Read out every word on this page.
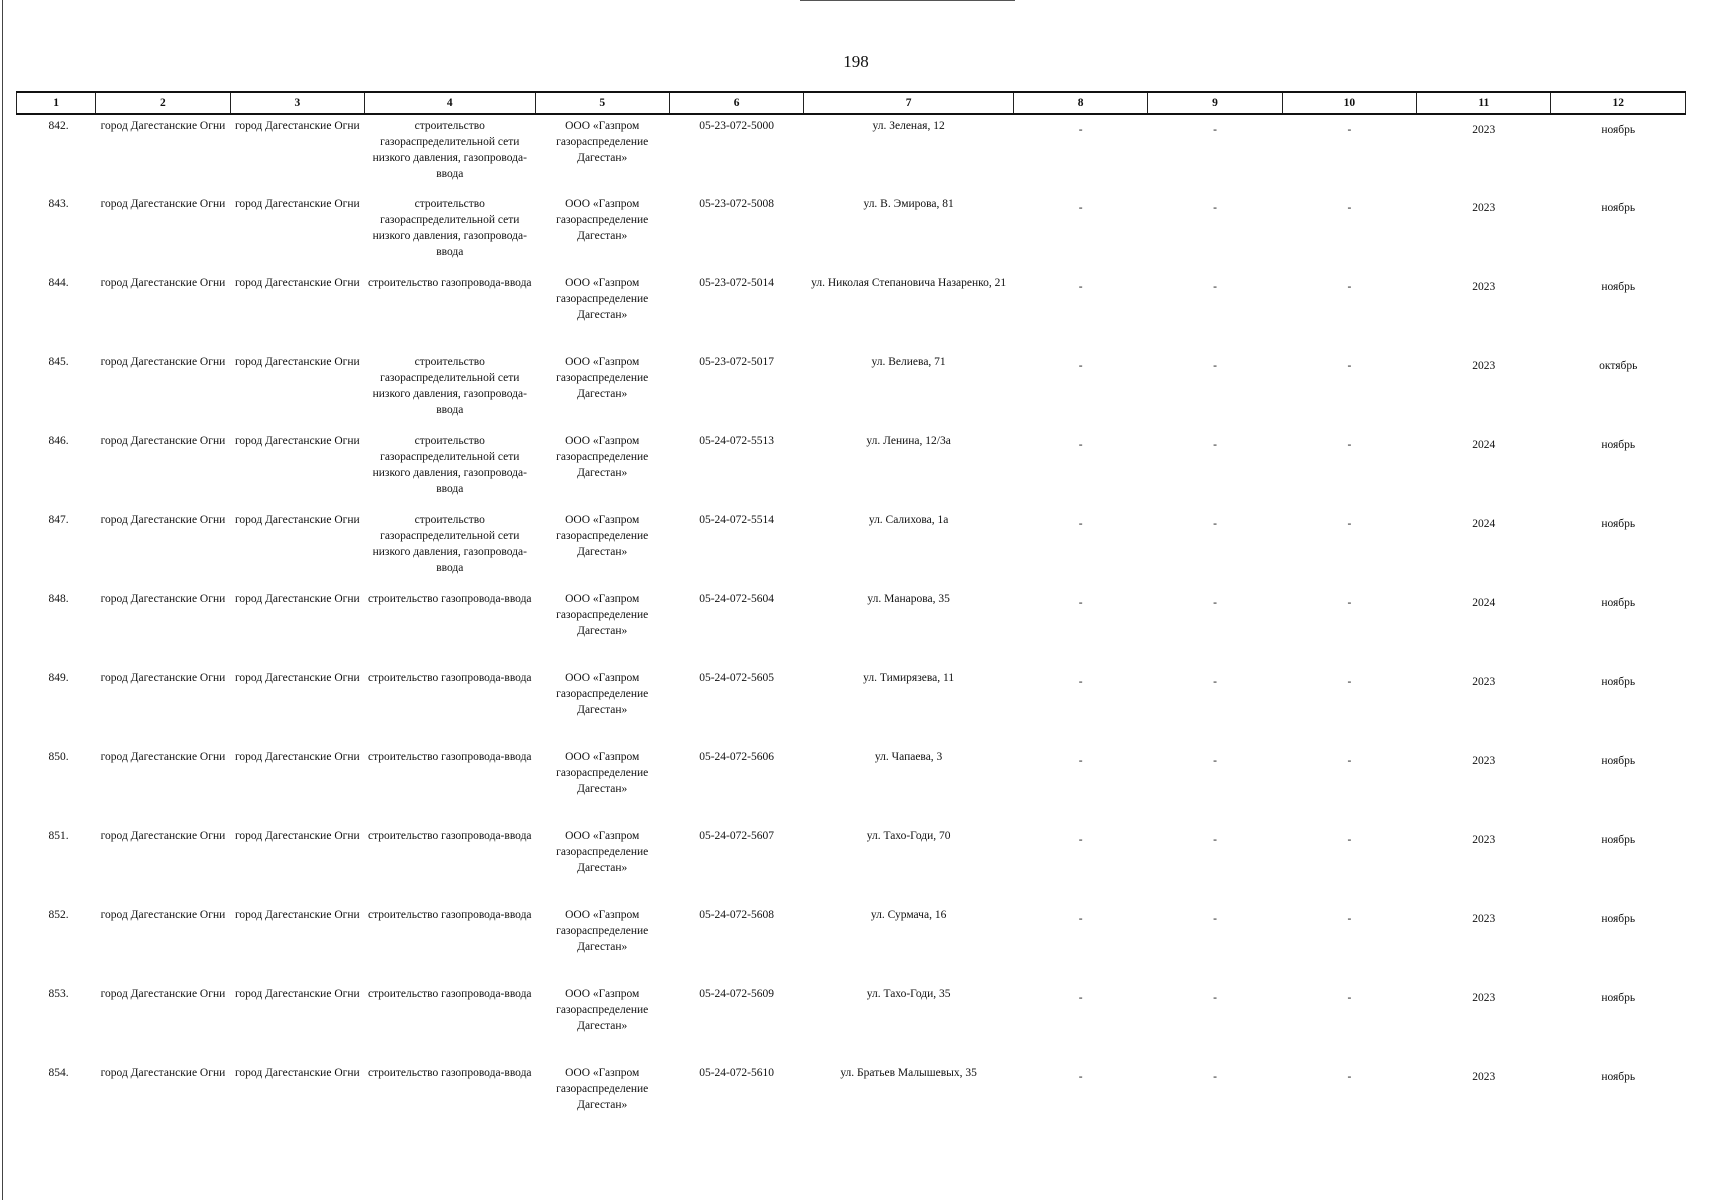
198
1	2	3	4	5	6	7	8	9	10	11	12
842.	город Дагестанские Огни	город Дагестанские Огни	строительство газораспределительной сети низкого давления, газопровода-ввода	ООО «Газпром газораспределение Дагестан»	05-23-072-5000	ул. Зеленая, 12	-	-	-	2023	ноябрь
843.	город Дагестанские Огни	город Дагестанские Огни	строительство газораспределительной сети низкого давления, газопровода-ввода	ООО «Газпром газораспределение Дагестан»	05-23-072-5008	ул. В. Эмирова, 81	-	-	-	2023	ноябрь
844.	город Дагестанские Огни	город Дагестанские Огни	строительство газопровода-ввода	ООО «Газпром газораспределение Дагестан»	05-23-072-5014	ул. Николая Степановича Назаренко, 21	-	-	-	2023	ноябрь
845.	город Дагестанские Огни	город Дагестанские Огни	строительство газораспределительной сети низкого давления, газопровода-ввода	ООО «Газпром газораспределение Дагестан»	05-23-072-5017	ул. Велиева, 71	-	-	-	2023	октябрь
846.	город Дагестанские Огни	город Дагестанские Огни	строительство газораспределительной сети низкого давления, газопровода-ввода	ООО «Газпром газораспределение Дагестан»	05-24-072-5513	ул. Ленина, 12/3а	-	-	-	2024	ноябрь
847.	город Дагестанские Огни	город Дагестанские Огни	строительство газораспределительной сети низкого давления, газопровода-ввода	ООО «Газпром газораспределение Дагестан»	05-24-072-5514	ул. Салихова, 1а	-	-	-	2024	ноябрь
848.	город Дагестанские Огни	город Дагестанские Огни	строительство газопровода-ввода	ООО «Газпром газораспределение Дагестан»	05-24-072-5604	ул. Манарова, 35	-	-	-	2024	ноябрь
849.	город Дагестанские Огни	город Дагестанские Огни	строительство газопровода-ввода	ООО «Газпром газораспределение Дагестан»	05-24-072-5605	ул. Тимирязева, 11	-	-	-	2023	ноябрь
850.	город Дагестанские Огни	город Дагестанские Огни	строительство газопровода-ввода	ООО «Газпром газораспределение Дагестан»	05-24-072-5606	ул. Чапаева, 3	-	-	-	2023	ноябрь
851.	город Дагестанские Огни	город Дагестанские Огни	строительство газопровода-ввода	ООО «Газпром газораспределение Дагестан»	05-24-072-5607	ул. Тахо-Годи, 70	-	-	-	2023	ноябрь
852.	город Дагестанские Огни	город Дагестанские Огни	строительство газопровода-ввода	ООО «Газпром газораспределение Дагестан»	05-24-072-5608	ул. Сурмача, 16	-	-	-	2023	ноябрь
853.	город Дагестанские Огни	город Дагестанские Огни	строительство газопровода-ввода	ООО «Газпром газораспределение Дагестан»	05-24-072-5609	ул. Тахо-Годи, 35	-	-	-	2023	ноябрь
854.	город Дагестанские Огни	город Дагестанские Огни	строительство газопровода-ввода	ООО «Газпром газораспределение Дагестан»	05-24-072-5610	ул. Братьев Малышевых, 35	-	-	-	2023	ноябрь
